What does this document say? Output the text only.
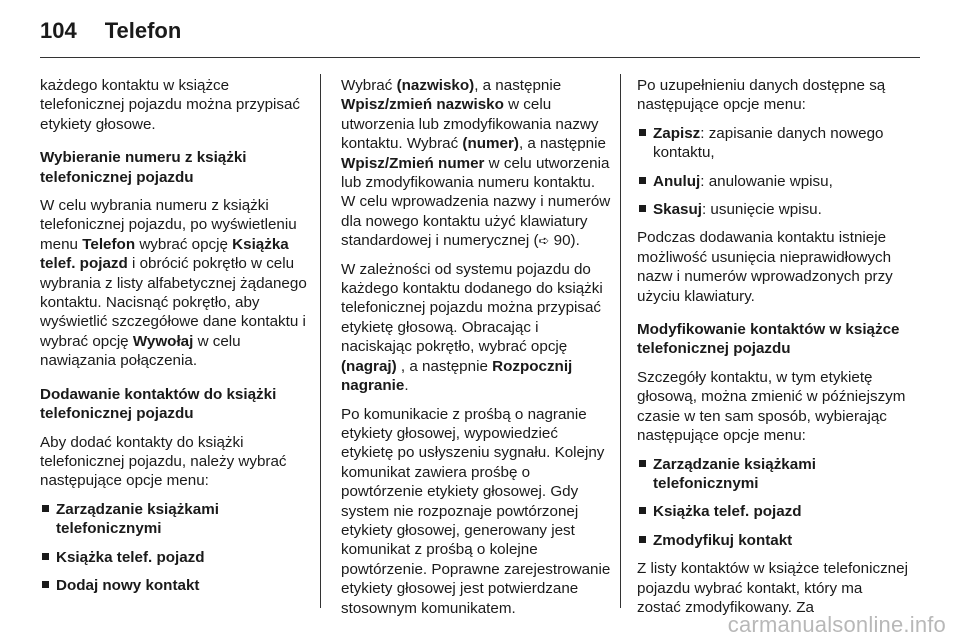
104 Telefon

każdego kontaktu w książce telefonicznej pojazdu można przypisać etykiety głosowe.

Wybieranie numeru z książki telefonicznej pojazdu

W celu wybrania numeru z książki telefonicznej pojazdu, po wyświetleniu menu Telefon wybrać opcję Książka telef. pojazd i obrócić pokrętło w celu wybrania z listy alfabetycznej żądanego kontaktu. Nacisnąć pokrętło, aby wyświetlić szczegółowe dane kontaktu i wybrać opcję Wywołaj w celu nawiązania połączenia.

Dodawanie kontaktów do książki telefonicznej pojazdu

Aby dodać kontakty do książki telefonicznej pojazdu, należy wybrać następujące opcje menu:

Zarządzanie książkami telefonicznymi
Książka telef. pojazd
Dodaj nowy kontakt

Wybrać (nazwisko), a następnie Wpisz/zmień nazwisko w celu utworzenia lub zmodyfikowania nazwy kontaktu. Wybrać (numer), a następnie Wpisz/Zmień numer w celu utworzenia lub zmodyfikowania numeru kontaktu. W celu wprowadzenia nazwy i numerów dla nowego kontaktu użyć klawiatury standardowej i numerycznej (➪ 90).

W zależności od systemu pojazdu do każdego kontaktu dodanego do książki telefonicznej pojazdu można przypisać etykietę głosową. Obracając i naciskając pokrętło, wybrać opcję (nagraj) , a następnie Rozpocznij nagranie.

Po komunikacie z prośbą o nagranie etykiety głosowej, wypowiedzieć etykietę po usłyszeniu sygnału. Kolejny komunikat zawiera prośbę o powtórzenie etykiety głosowej. Gdy system nie rozpoznaje powtórzonej etykiety głosowej, generowany jest komunikat z prośbą o kolejne powtórzenie. Poprawne zarejestrowanie etykiety głosowej jest potwierdzane stosownym komunikatem.

Po uzupełnieniu danych dostępne są następujące opcje menu:

Zapisz: zapisanie danych nowego kontaktu,
Anuluj: anulowanie wpisu,
Skasuj: usunięcie wpisu.

Podczas dodawania kontaktu istnieje możliwość usunięcia nieprawidłowych nazw i numerów wprowadzonych przy użyciu klawiatury.

Modyfikowanie kontaktów w książce telefonicznej pojazdu

Szczegóły kontaktu, w tym etykietę głosową, można zmienić w późniejszym czasie w ten sam sposób, wybierając następujące opcje menu:

Zarządzanie książkami telefonicznymi
Książka telef. pojazd
Zmodyfikuj kontakt

Z listy kontaktów w książce telefonicznej pojazdu wybrać kontakt, który ma zostać zmodyfikowany. Za

carmanualsonline.info
